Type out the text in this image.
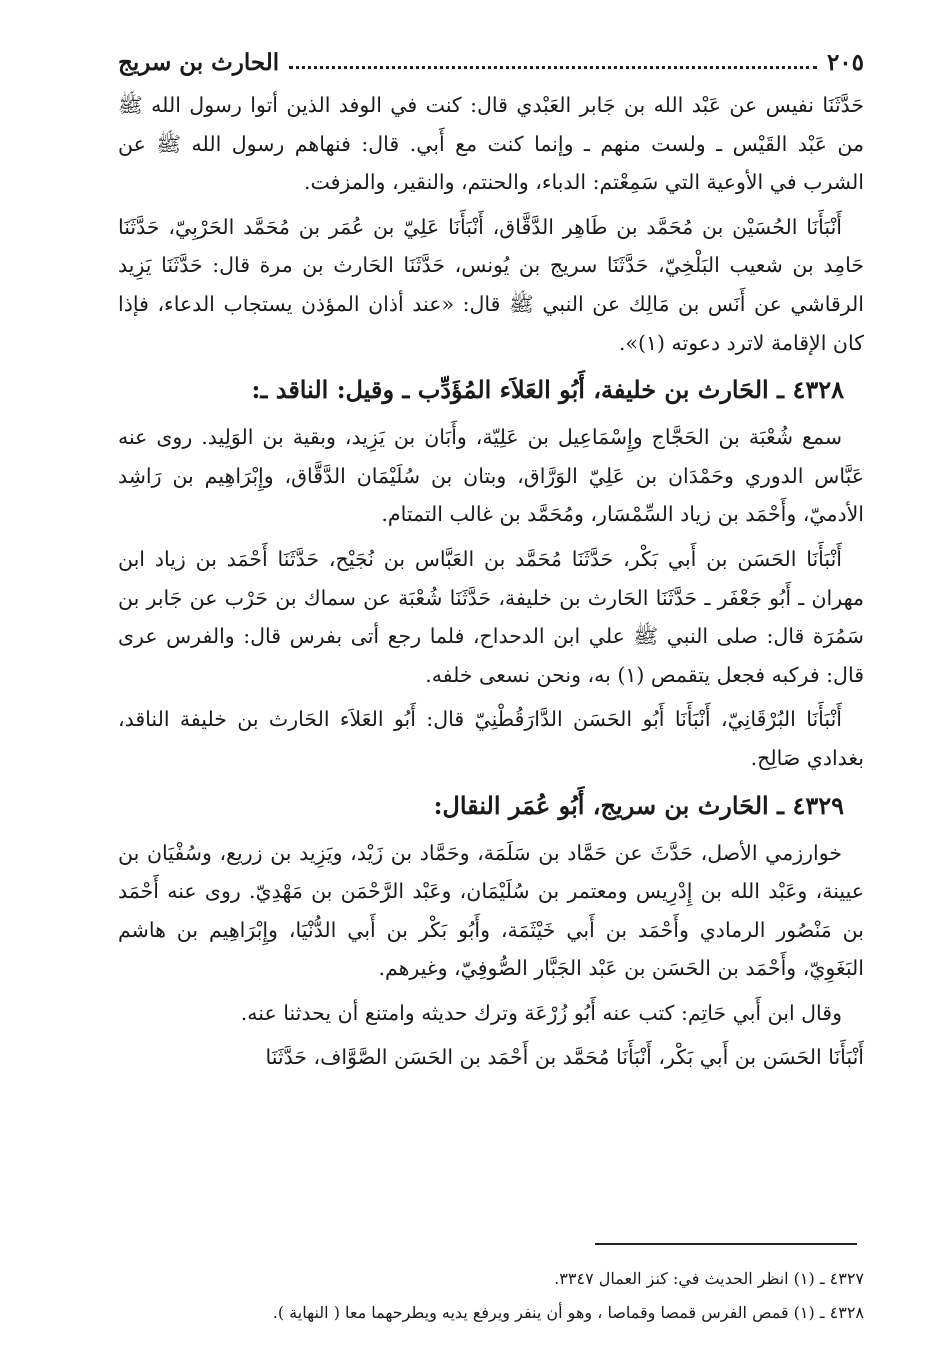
الحارث بن سريج	٢٠٥

حَدَّثَنَا نفيس عن عَبْد الله بن جَابر العَبْدي قال: كنت في الوفد الذين أتوا رسول الله ﷺ من عَبْد القَيْس ـ ولست منهم ـ وإنما كنت مع أَبي. قال: فنهاهم رسول الله ﷺ عن الشرب في الأوعية التي سَمِعْتم: الدباء، والحنتم، والنقير، والمزفت.

أَنْبَأَنَا الحُسَيْن بن مُحَمَّد بن طَاهِر الدَّقَّاق، أَنْبَأَنَا عَلِيّ بن عُمَر بن مُحَمَّد الحَرْبِيّ، حَدَّثَنَا حَامِد بن شعيب البَلْخِيّ، حَدَّثَنَا سريج بن يُونس، حَدَّثَنَا الحَارث بن مرة قال: حَدَّثَنَا يَزِيد الرقاشي عن أَنَس بن مَالِك عن النبي ﷺ قال: «عند أذان المؤذن يستجاب الدعاء، فإذا كان الإقامة لاترد دعوته (١)».

٤٣٢٨ ـ الحَارث بن خليفة، أَبُو العَلاَء المُؤَدِّب ـ وقيل: الناقد ـ:

سمع شُعْبَة بن الحَجَّاج وإِسْمَاعِيل بن عَلِيّة، وأَبَان بن يَزِيد، وبقية بن الوَلِيد. روى عنه عَبَّاس الدوري وحَمْدَان بن عَلِيّ الوَرَّاق، وبتان بن سُلَيْمَان الدَّقَّاق، وإِبْرَاهِيم بن رَاشِد الأدميّ، وأَحْمَد بن زياد السِّمْسَار، ومُحَمَّد بن غالب التمتام.

أَنْبَأَنَا الحَسَن بن أَبي بَكْر، حَدَّثَنَا مُحَمَّد بن العَبَّاس بن نُجَيْح، حَدَّثَنَا أَحْمَد بن زياد ابن مهران ـ أَبُو جَعْفَر ـ حَدَّثَنَا الحَارث بن خليفة، حَدَّثَنَا شُعْبَة عن سماك بن حَرْب عن جَابر بن سَمُرَة قال: صلى النبي ﷺ علي ابن الدحداح، فلما رجع أتى بفرس قال: والفرس عرى قال: فركبه فجعل يتقمص (١) به، ونحن نسعى خلفه.

أَنْبَأَنَا البُرْقَانِيّ، أَنْبَأَنَا أَبُو الحَسَن الدَّارَقُطْنِيّ قال: أَبُو العَلاَء الحَارث بن خليفة الناقد، بغدادي صَالِح.

٤٣٢٩ ـ الحَارث بن سريج، أَبُو عُمَر النقال:

خوارزمي الأصل، حَدَّثَ عن حَمَّاد بن سَلَمَة، وحَمَّاد بن زَيْد، ويَزِيد بن زريع، وسُفْيَان بن عيينة، وعَبْد الله بن إِدْرِيس ومعتمر بن سُلَيْمَان، وعَبْد الرَّحْمَن بن مَهْدِيّ. روى عنه أَحْمَد بن مَنْصُور الرمادي وأَحْمَد بن أَبي خَيْثَمَة، وأَبُو بَكْر بن أَبي الدُّنْيَا، وإِبْرَاهِيم بن هاشم البَغَوِيّ، وأَحْمَد بن الحَسَن بن عَبْد الجَبَّار الصُّوفِيّ، وغيرهم.

وقال ابن أَبي حَاتِم: كتب عنه أَبُو زُرْعَة وترك حديثه وامتنع أن يحدثنا عنه.

أَنْبَأَنَا الحَسَن بن أَبي بَكْر، أَنْبَأَنَا مُحَمَّد بن أَحْمَد بن الحَسَن الصَّوَّاف، حَدَّثَنَا

٤٣٢٧ ـ (١) انظر الحديث في: كنز العمال ٣٣٤٧.

٤٣٢٨ ـ (١) قمص الفرس قمصا وقماصا ، وهو أن ينفر ويرفع يديه ويطرحهما معا ( النهاية ).
